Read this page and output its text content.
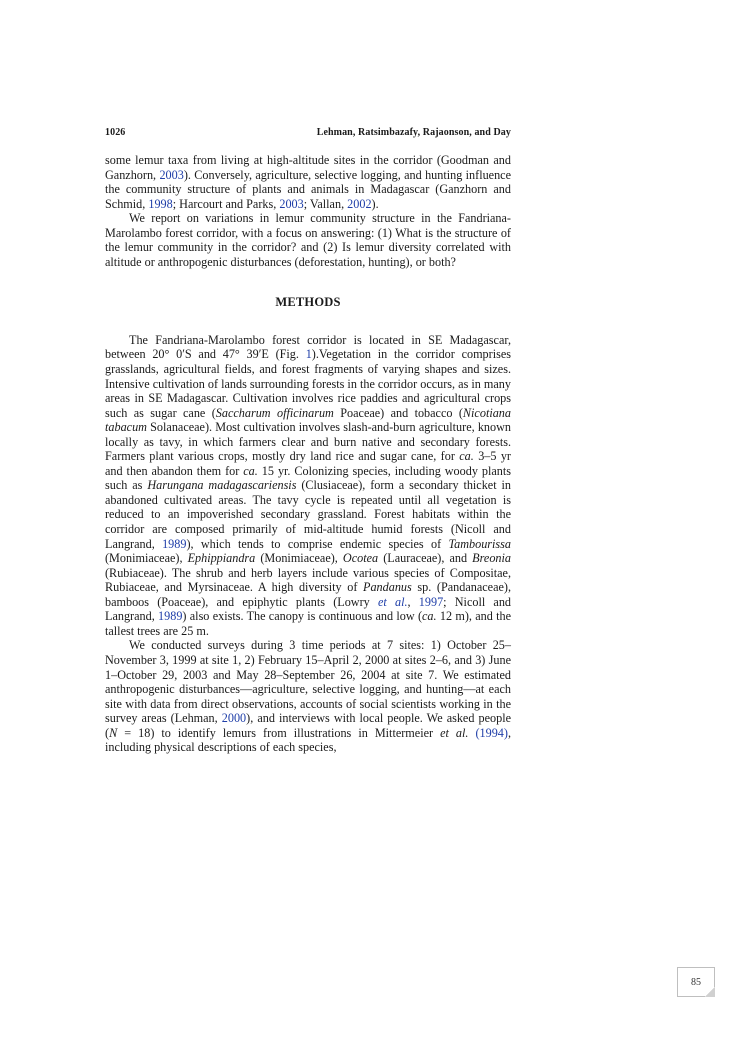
1026	Lehman, Ratsimbazafy, Rajaonson, and Day

some lemur taxa from living at high-altitude sites in the corridor (Goodman and Ganzhorn, 2003). Conversely, agriculture, selective logging, and hunting influence the community structure of plants and animals in Madagascar (Ganzhorn and Schmid, 1998; Harcourt and Parks, 2003; Vallan, 2002).

We report on variations in lemur community structure in the Fandriana-Marolambo forest corridor, with a focus on answering: (1) What is the structure of the lemur community in the corridor? and (2) Is lemur diversity correlated with altitude or anthropogenic disturbances (deforestation, hunting), or both?

METHODS

The Fandriana-Marolambo forest corridor is located in SE Madagascar, between 20° 0′S and 47° 39′E (Fig. 1).Vegetation in the corridor comprises grasslands, agricultural fields, and forest fragments of varying shapes and sizes. Intensive cultivation of lands surrounding forests in the corridor occurs, as in many areas in SE Madagascar. Cultivation involves rice paddies and agricultural crops such as sugar cane (Saccharum officinarum Poaceae) and tobacco (Nicotiana tabacum Solanaceae). Most cultivation involves slash-and-burn agriculture, known locally as tavy, in which farmers clear and burn native and secondary forests. Farmers plant various crops, mostly dry land rice and sugar cane, for ca. 3–5 yr and then abandon them for ca. 15 yr. Colonizing species, including woody plants such as Harungana madagascariensis (Clusiaceae), form a secondary thicket in abandoned cultivated areas. The tavy cycle is repeated until all vegetation is reduced to an impoverished secondary grassland. Forest habitats within the corridor are composed primarily of mid-altitude humid forests (Nicoll and Langrand, 1989), which tends to comprise endemic species of Tambourissa (Monimiaceae), Ephippiandra (Monimiaceae), Ocotea (Lauraceae), and Breonia (Rubiaceae). The shrub and herb layers include various species of Compositae, Rubiaceae, and Myrsinaceae. A high diversity of Pandanus sp. (Pandanaceae), bamboos (Poaceae), and epiphytic plants (Lowry et al., 1997; Nicoll and Langrand, 1989) also exists. The canopy is continuous and low (ca. 12 m), and the tallest trees are 25 m.

We conducted surveys during 3 time periods at 7 sites: 1) October 25–November 3, 1999 at site 1, 2) February 15–April 2, 2000 at sites 2–6, and 3) June 1–October 29, 2003 and May 28–September 26, 2004 at site 7. We estimated anthropogenic disturbances—agriculture, selective logging, and hunting—at each site with data from direct observations, accounts of social scientists working in the survey areas (Lehman, 2000), and interviews with local people. We asked people (N = 18) to identify lemurs from illustrations in Mittermeier et al. (1994), including physical descriptions of each species,

85
